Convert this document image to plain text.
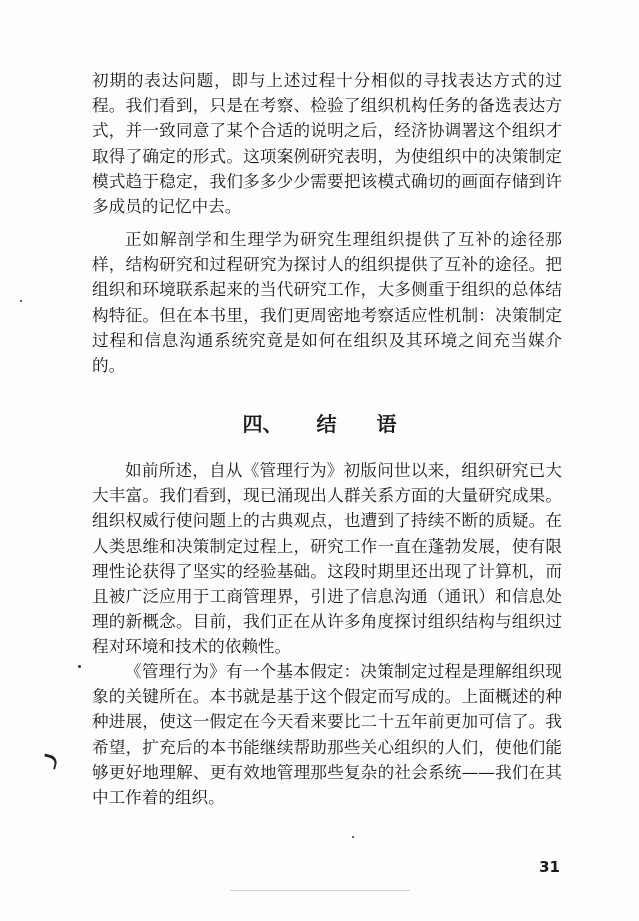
初期的表达问题，即与上述过程十分相似的寻找表达方式的过程。我们看到，只是在考察、检验了组织机构任务的备选表达方式，并一致同意了某个合适的说明之后，经济协调署这个组织才取得了确定的形式。这项案例研究表明，为使组织中的决策制定模式趋于稳定，我们多多少少需要把该模式确切的画面存储到许多成员的记忆中去。

正如解剖学和生理学为研究生理组织提供了互补的途径那样，结构研究和过程研究为探讨人的组织提供了互补的途径。把组织和环境联系起来的当代研究工作，大多侧重于组织的总体结构特征。但在本书里，我们更周密地考察适应性机制：决策制定过程和信息沟通系统究竟是如何在组织及其环境之间充当媒介的。

四、 结 语

如前所述，自从《管理行为》初版问世以来，组织研究已大大丰富。我们看到，现已涌现出人群关系方面的大量研究成果。组织权威行使问题上的古典观点，也遭到了持续不断的质疑。在人类思维和决策制定过程上，研究工作一直在蓬勃发展，使有限理性论获得了坚实的经验基础。这段时期里还出现了计算机，而且被广泛应用于工商管理界，引进了信息沟通（通讯）和信息处理的新概念。目前，我们正在从许多角度探讨组织结构与组织过程对环境和技术的依赖性。

《管理行为》有一个基本假定：决策制定过程是理解组织现象的关键所在。本书就是基于这个假定而写成的。上面概述的种种进展，使这一假定在今天看来要比二十五年前更加可信了。我希望，扩充后的本书能继续帮助那些关心组织的人们，使他们能够更好地理解、更有效地管理那些复杂的社会系统——我们在其中工作着的组织。

31
